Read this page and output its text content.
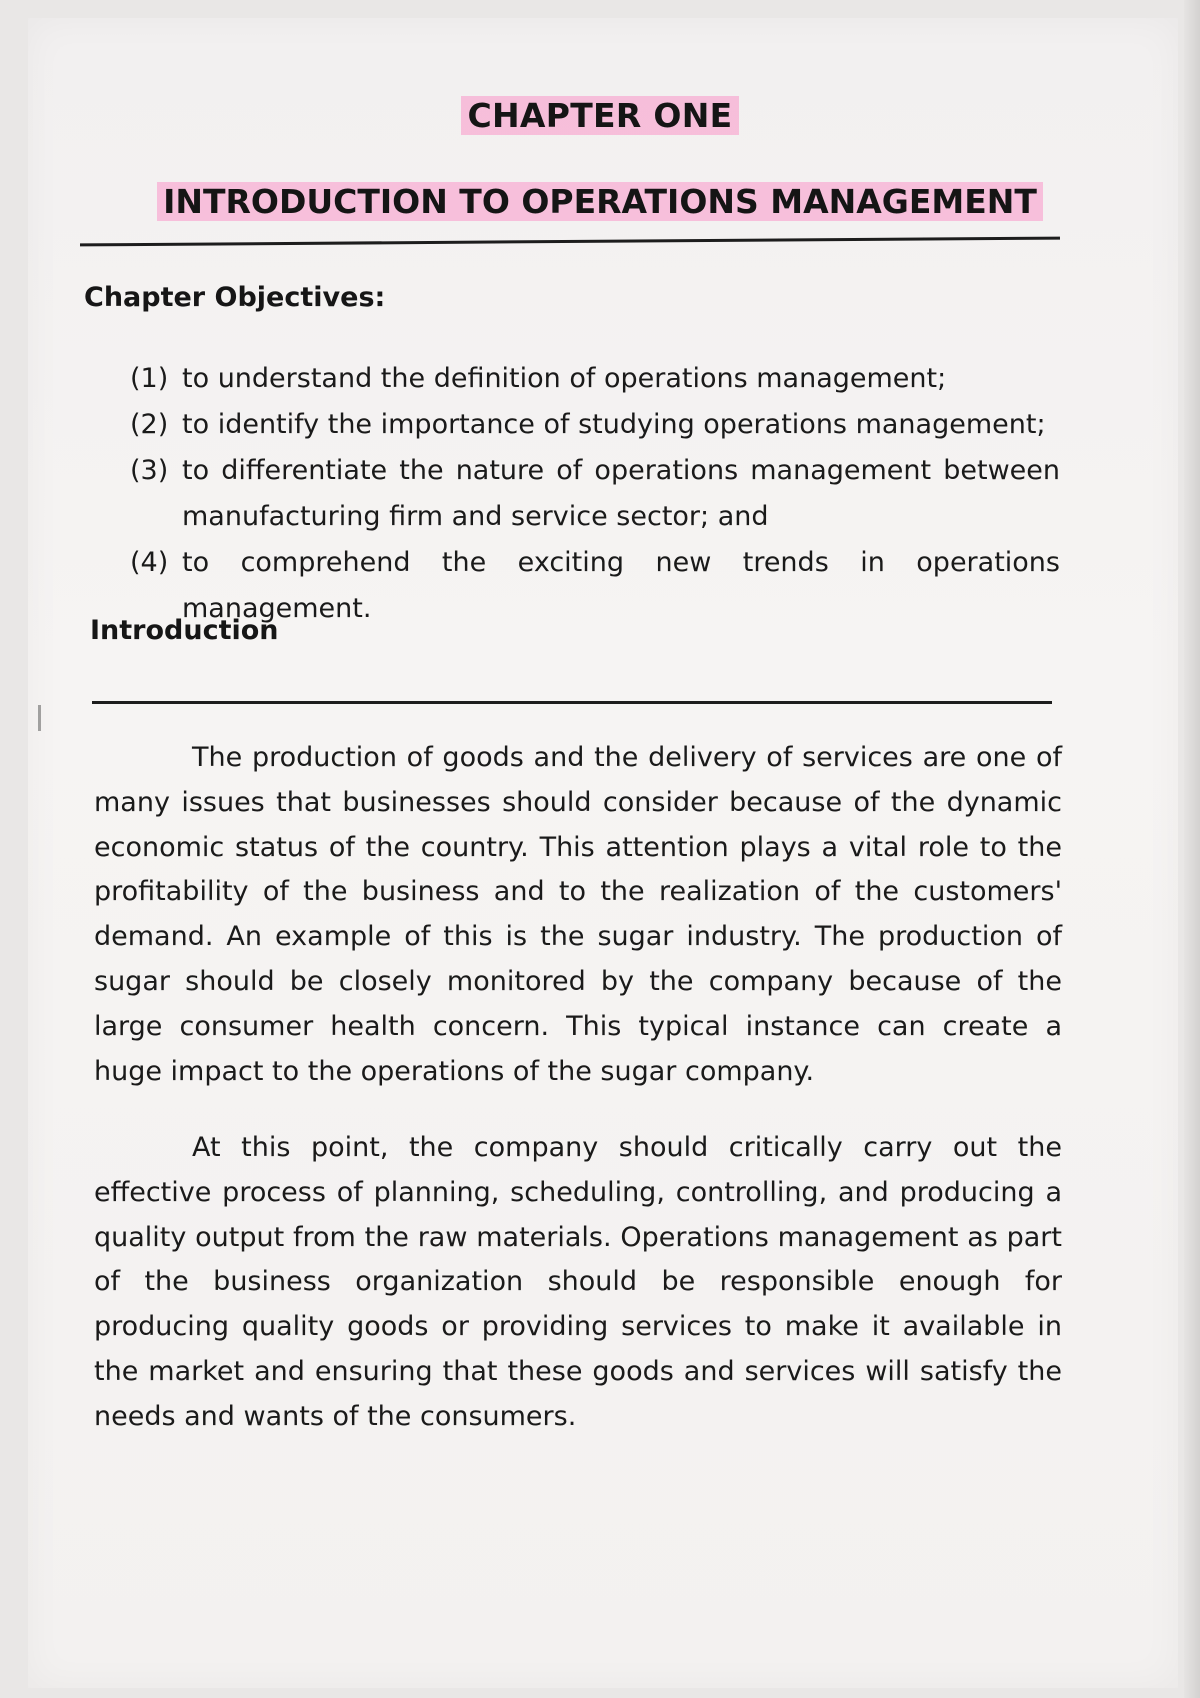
CHAPTER ONE
INTRODUCTION TO OPERATIONS MANAGEMENT
Chapter Objectives:
(1) to understand the definition of operations management;
(2) to identify the importance of studying operations management;
(3) to differentiate the nature of operations management between manufacturing firm and service sector; and
(4) to comprehend the exciting new trends in operations management.
Introduction

The production of goods and the delivery of services are one of many issues that businesses should consider because of the dynamic economic status of the country. This attention plays a vital role to the profitability of the business and to the realization of the customers' demand. An example of this is the sugar industry. The production of sugar should be closely monitored by the company because of the large consumer health concern. This typical instance can create a huge impact to the operations of the sugar company.

At this point, the company should critically carry out the effective process of planning, scheduling, controlling, and producing a quality output from the raw materials. Operations management as part of the business organization should be responsible enough for producing quality goods or providing services to make it available in the market and ensuring that these goods and services will satisfy the needs and wants of the consumers.
